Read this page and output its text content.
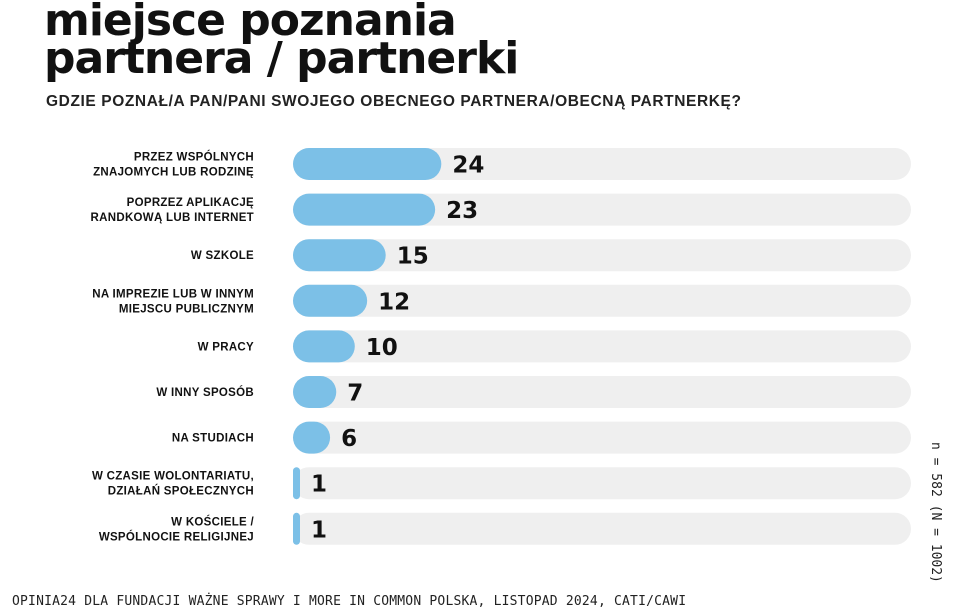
miejsce poznania
partnera / partnerki

GDZIE POZNAŁ/A PAN/PANI SWOJEGO OBECNEGO PARTNERA/OBECNĄ PARTNERKĘ?

24
PRZEZ WSPÓLNYCH
ZNAJOMYCH LUB RODZINĘ
23
POPRZEZ APLIKACJĘ
RANDKOWĄ LUB INTERNET
15
W SZKOLE
12
NA IMPREZIE LUB W INNYM
MIEJSCU PUBLICZNYM
10
W PRACY
7
W INNY SPOSÓB
6
NA STUDIACH
1
W CZASIE WOLONTARIATU,
DZIAŁAŃ SPOŁECZNYCH
1
W KOŚCIELE /
WSPÓLNOCIE RELIGIJNEJ	n = 582 (N = 1002)

OPINIA24 DLA FUNDACJI WAŻNE SPRAWY I MORE IN COMMON POLSKA, LISTOPAD 2024, CATI/CAWI
